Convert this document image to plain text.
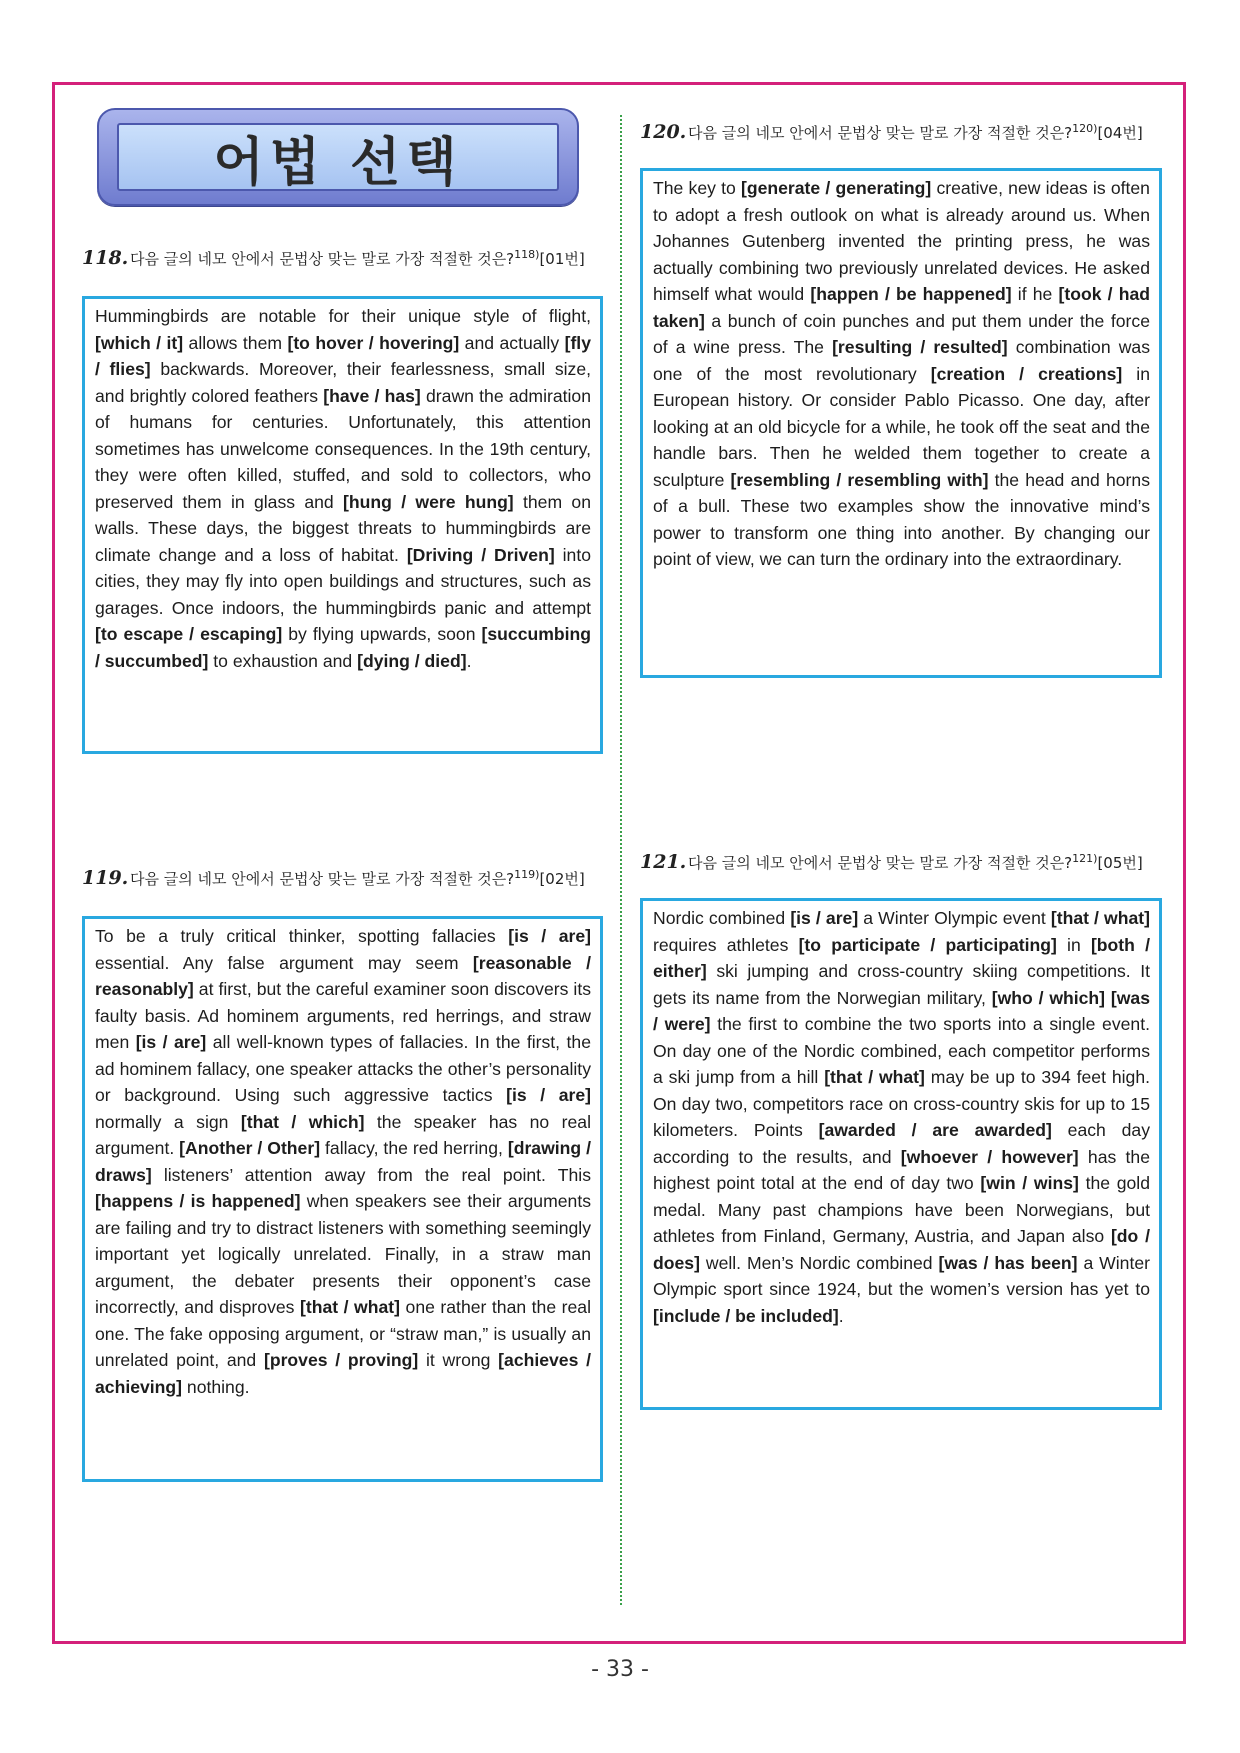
어법 선택
118. 다음 글의 네모 안에서 문법상 맞는 말로 가장 적절한 것은?$^{118)}$[01번]
Hummingbirds are notable for their unique style of flight, [which / it] allows them [to hover / hovering] and actually [fly / flies] backwards. Moreover, their fearlessness, small size, and brightly colored feathers [have / has] drawn the admiration of humans for centuries. Unfortunately, this attention sometimes has unwelcome consequences. In the 19th century, they were often killed, stuffed, and sold to collectors, who preserved them in glass and [hung / were hung] them on walls. These days, the biggest threats to hummingbirds are climate change and a loss of habitat. [Driving / Driven] into cities, they may fly into open buildings and structures, such as garages. Once indoors, the hummingbirds panic and attempt [to escape / escaping] by flying upwards, soon [succumbing / succumbed] to exhaustion and [dying / died].
119. 다음 글의 네모 안에서 문법상 맞는 말로 가장 적절한 것은?$^{119)}$[02번]
To be a truly critical thinker, spotting fallacies [is / are] essential. Any false argument may seem [reasonable / reasonably] at first, but the careful examiner soon discovers its faulty basis. Ad hominem arguments, red herrings, and straw men [is / are] all well-known types of fallacies. In the first, the ad hominem fallacy, one speaker attacks the other’s personality or background. Using such aggressive tactics [is / are] normally a sign [that / which] the speaker has no real argument. [Another / Other] fallacy, the red herring, [drawing / draws] listeners’ attention away from the real point. This [happens / is happened] when speakers see their arguments are failing and try to distract listeners with something seemingly important yet logically unrelated. Finally, in a straw man argument, the debater presents their opponent’s case incorrectly, and disproves [that / what] one rather than the real one. The fake opposing argument, or “straw man,” is usually an unrelated point, and [proves / proving] it wrong [achieves / achieving] nothing.
120. 다음 글의 네모 안에서 문법상 맞는 말로 가장 적절한 것은?$^{120)}$[04번]
The key to [generate / generating] creative, new ideas is often to adopt a fresh outlook on what is already around us. When Johannes Gutenberg invented the printing press, he was actually combining two previously unrelated devices. He asked himself what would [happen / be happened] if he [took / had taken] a bunch of coin punches and put them under the force of a wine press. The [resulting / resulted] combination was one of the most revolutionary [creation / creations] in European history. Or consider Pablo Picasso. One day, after looking at an old bicycle for a while, he took off the seat and the handle bars. Then he welded them together to create a sculpture [resembling / resembling with] the head and horns of a bull. These two examples show the innovative mind’s power to transform one thing into another. By changing our point of view, we can turn the ordinary into the extraordinary.
121. 다음 글의 네모 안에서 문법상 맞는 말로 가장 적절한 것은?$^{121)}$[05번]
Nordic combined [is / are] a Winter Olympic event [that / what] requires athletes [to participate / participating] in [both / either] ski jumping and cross-country skiing competitions. It gets its name from the Norwegian military, [who / which] [was / were] the first to combine the two sports into a single event. On day one of the Nordic combined, each competitor performs a ski jump from a hill [that / what] may be up to 394 feet high. On day two, competitors race on cross-country skis for up to 15 kilometers. Points [awarded / are awarded] each day according to the results, and [whoever / however] has the highest point total at the end of day two [win / wins] the gold medal. Many past champions have been Norwegians, but athletes from Finland, Germany, Austria, and Japan also [do / does] well. Men’s Nordic combined [was / has been] a Winter Olympic sport since 1924, but the women’s version has yet to [include / be included].
- 33 -
